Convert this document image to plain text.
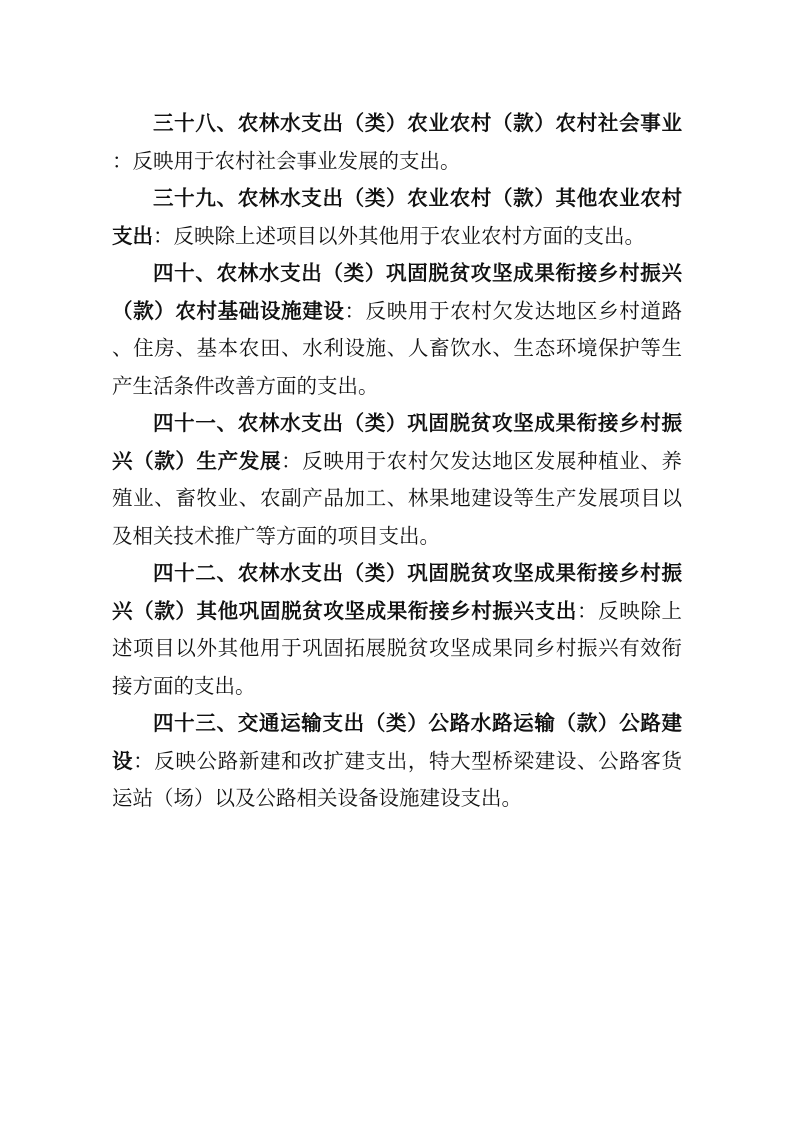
三十八、农林水支出（类）农业农村（款）农村社会事业：反映用于农村社会事业发展的支出。

三十九、农林水支出（类）农业农村（款）其他农业农村支出：反映除上述项目以外其他用于农业农村方面的支出。

四十、农林水支出（类）巩固脱贫攻坚成果衔接乡村振兴（款）农村基础设施建设：反映用于农村欠发达地区乡村道路、住房、基本农田、水利设施、人畜饮水、生态环境保护等生产生活条件改善方面的支出。

四十一、农林水支出（类）巩固脱贫攻坚成果衔接乡村振兴（款）生产发展：反映用于农村欠发达地区发展种植业、养殖业、畜牧业、农副产品加工、林果地建设等生产发展项目以及相关技术推广等方面的项目支出。

四十二、农林水支出（类）巩固脱贫攻坚成果衔接乡村振兴（款）其他巩固脱贫攻坚成果衔接乡村振兴支出：反映除上述项目以外其他用于巩固拓展脱贫攻坚成果同乡村振兴有效衔接方面的支出。

四十三、交通运输支出（类）公路水路运输（款）公路建设：反映公路新建和改扩建支出，特大型桥梁建设、公路客货运站（场）以及公路相关设备设施建设支出。
